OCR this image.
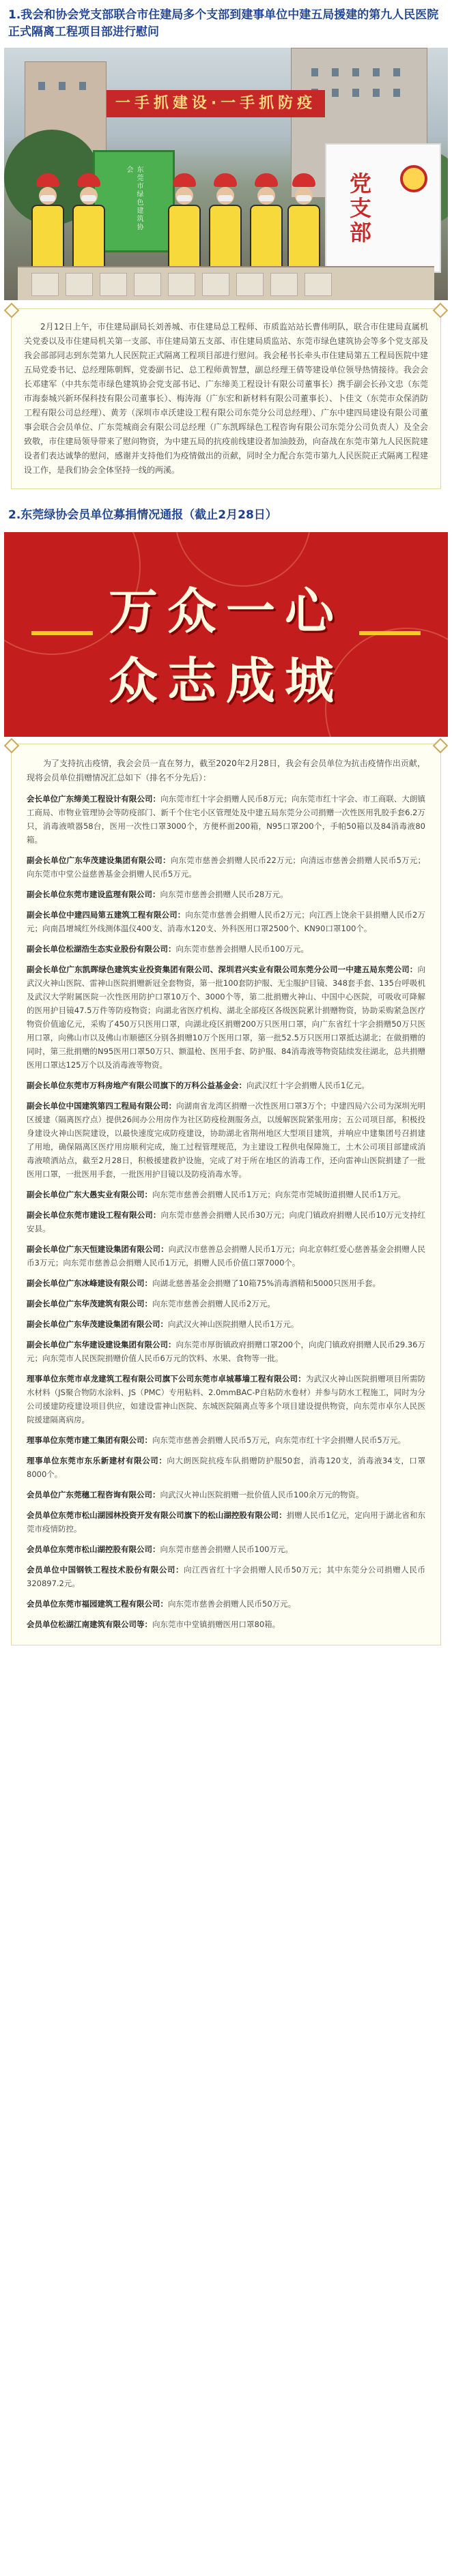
1.我会和协会党支部联合市住建局多个支部到建事单位中建五局援建的第九人民医院正式隔离工程项目部进行慰问
一手抓建设·一手抓防疫
东莞市绿色建筑协会
党支部

2月12日上午，市住建局副局长刘善城、市住建局总工程师、市质监站站长曹伟明队，联合市住建局直属机关党委以及市住建局机关第一支部、市住建局第五支部、市住建局质监站、东莞市绿色建筑协会等多个党支部及我会部部同志到东莞第九人民医院正式隔离工程项目部进行慰问。我会秘书长牵头市住建局第五工程局医院中建五局党委书记、总经理陈朝辉，党委副书记、总工程师黄智慧，副总经理王倩等建设单位领导热情接待。我会会长邓建军（中共东莞市绿色建筑协会党支部书记、广东缔美工程设计有限公司董事长）携手副会长孙文忠（东莞市海泰城兴新环保科技有限公司董事长）、梅涛海（广东宏和新材料有限公司董事长）、卜佳文（东莞市众保消防工程有限公司总经理）、黄芳（深圳市卓沃建设工程有限公司东莞分公司总经理）、广东中建四局建设有限公司董事会联合会员单位、广东莞城商会有限公司总经理（广东凯晖绿色工程咨询有限公司东莞分公司负责人）及全会致敬，市住建局领导带来了慰问物资，为中建五局的抗疫前线建设者加油鼓劲，向奋战在东莞市第九人民医院建设者们表达诚挚的慰问，感谢并支持他们为疫情做出的贡献，同时全力配合东莞市第九人民医院正式隔离工程建设工作，是我们协会全体坚持一线的两溪。

2.东莞绿协会员单位募捐情况通报（截止2月28日）
万众一心
众志成城

为了支持抗击疫情，我会会员一直在努力，截至2020年2月28日，我会有会员单位为抗击疫情作出贡献，现将会员单位捐赠情况汇总如下（排名不分先后）：

会长单位广东缔美工程设计有限公司：向东莞市红十字会捐赠人民币8万元；向东莞市红十字会、市工商联、大朗镇工商局、市物业管理协会等防疫部门、新千个住宅小区管理处及中建五局东莞分公司捐赠一次性医用乳胶手套6.2万只，消毒液喷器58台，医用一次性口罩3000个，方便杯面200箱，N95口罩200个，手帕50箱以及84消毒液80箱。

副会长单位广东华茂建设集团有限公司：向东莞市慈善会捐赠人民币22万元；向清远市慈善会捐赠人民币5万元；向东莞市中堂公益慈善基金会捐赠人民币5万元。

副会长单位东莞市建设监理有限公司：向东莞市慈善会捐赠人民币28万元。

副会长单位中建四局第五建筑工程有限公司：向东莞市慈善会捐赠人民币2万元；向江西上饶余干县捐赠人民币2万元；向南昌增城红外线测体温仪400支、消毒水120支、外科医用口罩2500个、KN90口罩100个。

副会长单位松湖浩生态实业股份有限公司：向东莞市慈善会捐赠人民币100万元。

副会长单位广东凯晖绿色建筑实业投资集团有限公司、深圳君兴实业有限公司东莞分公司一中建五局东莞公司：向武汉火神山医院、雷神山医院捐赠新冠全套物资，第一批100套防护服、无尘服护目镜、348套手套、135台呼吸机及武汉大学附属医院一次性医用防护口罩10万个、3000个等，第二批捐赠火神山、中国中心医院，可吸收可降解的医用护目镜47.5万件等防疫物资；向湖北省医疗机构、湖北全部疫区各级医院累计捐赠物资，协助采购紧急医疗物资价值逾亿元，采购了450万只医用口罩，向湖北疫区捐赠200万只医用口罩，向广东省红十字会捐赠50万只医用口罩，向佛山市以及佛山市顺德区分别各捐赠10万个医用口罩，第一批52.5万只医用口罩抵达湖北；在做捐赠的同时，第三批捐赠的N95医用口罩50万只、额温枪、医用手套、防护服、84消毒液等物资陆续发往湖北，总共捐赠医用口罩达125万个以及消毒液等物资。

副会长单位东莞市万科房地产有限公司旗下的万科公益基金会：向武汉红十字会捐赠人民币1亿元。

副会长单位中国建筑第四工程局有限公司：向湖南省龙湾区捐赠一次性医用口罩3万个；中建四局六公司为深圳光明区援建（隔离医疗点）提供26间办公用房作为社区防疫检测服务点，以缓解医院紧张用房；五公司项目部，积极投身建设火神山医院建设，以最快速度完成防疫建设，协助湖北省荆州地区大型项目建筑，并响应中建集团号召捐建了用地，确保隔离区医疗用房顺利完成，施工过程管理规范，为主建设工程供电保障施工，土木公司项目部建成消毒液喷洒站点，截至2月28日，积极援建救护设施，完成了对于所在地区的消毒工作，还向雷神山医院捐建了一批医用口罩，一批医用手套，一批医用护目镜以及防疫消毒水等。

副会长单位广东大愚实业有限公司：向东莞市慈善会捐赠人民币1万元；向东莞市莞城街道捐赠人民币1万元。

副会长单位东莞市建设工程有限公司：向东莞市慈善会捐赠人民币30万元；向虎门镇政府捐赠人民币10万元支持红安县。

副会长单位广东天恒建设集团有限公司：向武汉市慈善总会捐赠人民币1万元；向北京韩红爱心慈善基金会捐赠人民币3万元；向东莞市慈善总会捐赠人民币1万元，捐赠人民币价值口罩7000个。

副会长单位广东冰峰建设有限公司：向湖北慈善基金会捐赠了10箱75%消毒酒精和5000只医用手套。

副会长单位广东华茂建筑有限公司：向东莞市慈善会捐赠人民币2万元。

副会长单位广东华茂建设集团有限公司：向武汉火神山医院捐赠人民币1万元。

副会长单位广东华建设建设集团有限公司：向东莞市厚街镇政府捐赠口罩200个，向虎门镇政府捐赠人民币29.36万元；向东莞市人民医院捐赠价值人民币6万元的饮料、水果、食物等一批。

理事单位东莞市卓龙建筑工程有限公司旗下公司东莞市卓城幕墙工程有限公司：为武汉火神山医院捐赠项目所需防水材料（JS聚合物防水涂料、JS（PMC）专用粘料、2.0mmBAC-P自粘防水卷材）并参与防水工程施工，同时为分公司援建防疫建设项目供应，如建设雷神山医院、东城医院隔离点等多个项目建设提供物资，向东莞市卓尔人民医院援建隔离病房。

理事单位东莞市建工集团有限公司：向东莞市慈善会捐赠人民币5万元，向东莞市红十字会捐赠人民币5万元。

理事单位东莞市东乐新建材有限公司：向大朗医院抗疫车队捐赠防护服50套，消毒120支，消毒液34支，口罩8000个。

会员单位广东莞穗工程咨询有限公司：向武汉火神山医院捐赠一批价值人民币100余万元的物资。

会员单位东莞市松山湖园林投资开发有限公司旗下的松山湖控股有限公司：捐赠人民币1亿元，定向用于湖北省和东莞市疫情防控。

会员单位东莞市松山湖控股有限公司：向东莞市慈善会捐赠人民币100万元。

会员单位中国钢铁工程技术股份有限公司：向江西省红十字会捐赠人民币50万元；其中东莞分公司捐赠人民币320897.2元。

会员单位东莞市福园建筑工程有限公司：向东莞市慈善会捐赠人民币50万元。

会员单位松湖江南建筑有限公司等：向东莞市中堂镇捐赠医用口罩80箱。
